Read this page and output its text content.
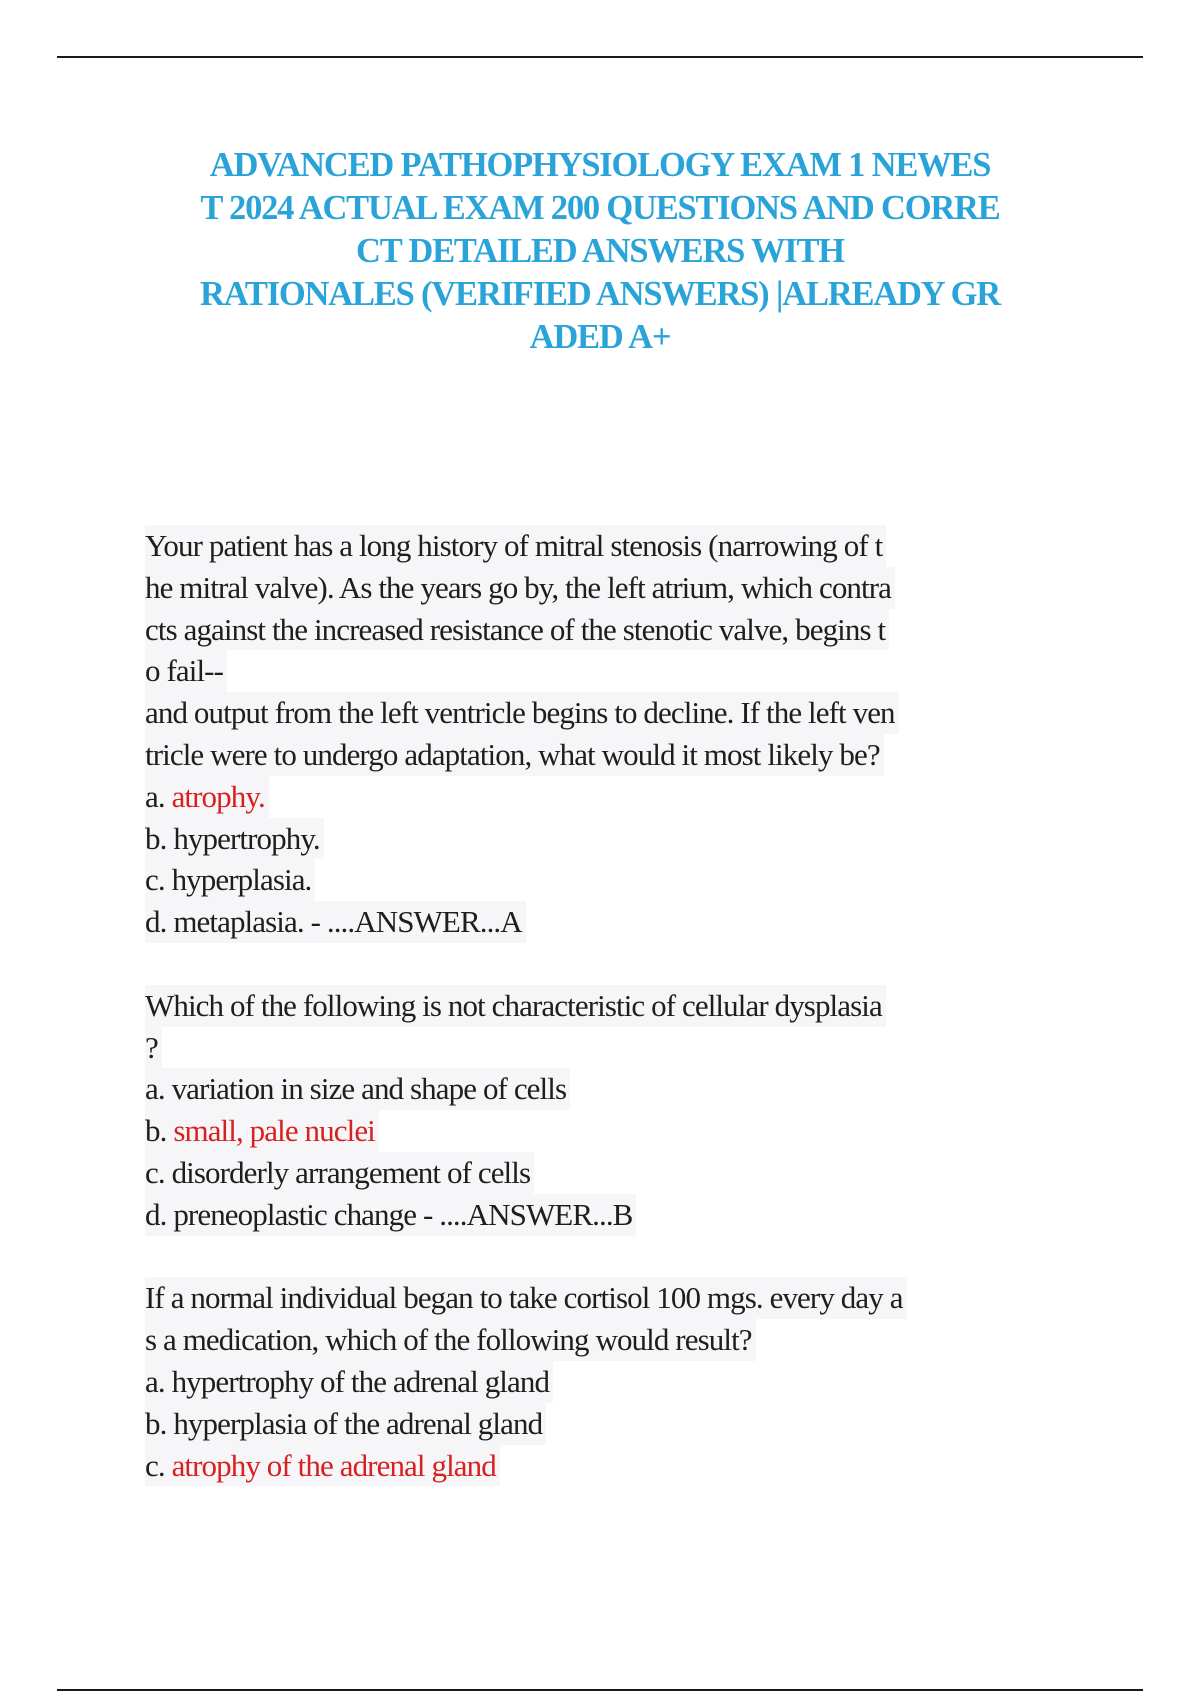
ADVANCED PATHOPHYSIOLOGY EXAM 1 NEWES
T 2024 ACTUAL EXAM 200 QUESTIONS AND CORRE
CT DETAILED ANSWERS WITH
RATIONALES (VERIFIED ANSWERS) |ALREADY GR
ADED A+
Your patient has a long history of mitral stenosis (narrowing of t
he mitral valve). As the years go by, the left atrium, which contra
cts against the increased resistance of the stenotic valve, begins t
o fail--
and output from the left ventricle begins to decline. If the left ven
tricle were to undergo adaptation, what would it most likely be?
a. atrophy.
b. hypertrophy.
c. hyperplasia.
d. metaplasia. - ....ANSWER...A
Which of the following is not characteristic of cellular dysplasia
?
a. variation in size and shape of cells
b. small, pale nuclei
c. disorderly arrangement of cells
d. preneoplastic change - ....ANSWER...B
If a normal individual began to take cortisol 100 mgs. every day a
s a medication, which of the following would result?
a. hypertrophy of the adrenal gland
b. hyperplasia of the adrenal gland
c. atrophy of the adrenal gland
